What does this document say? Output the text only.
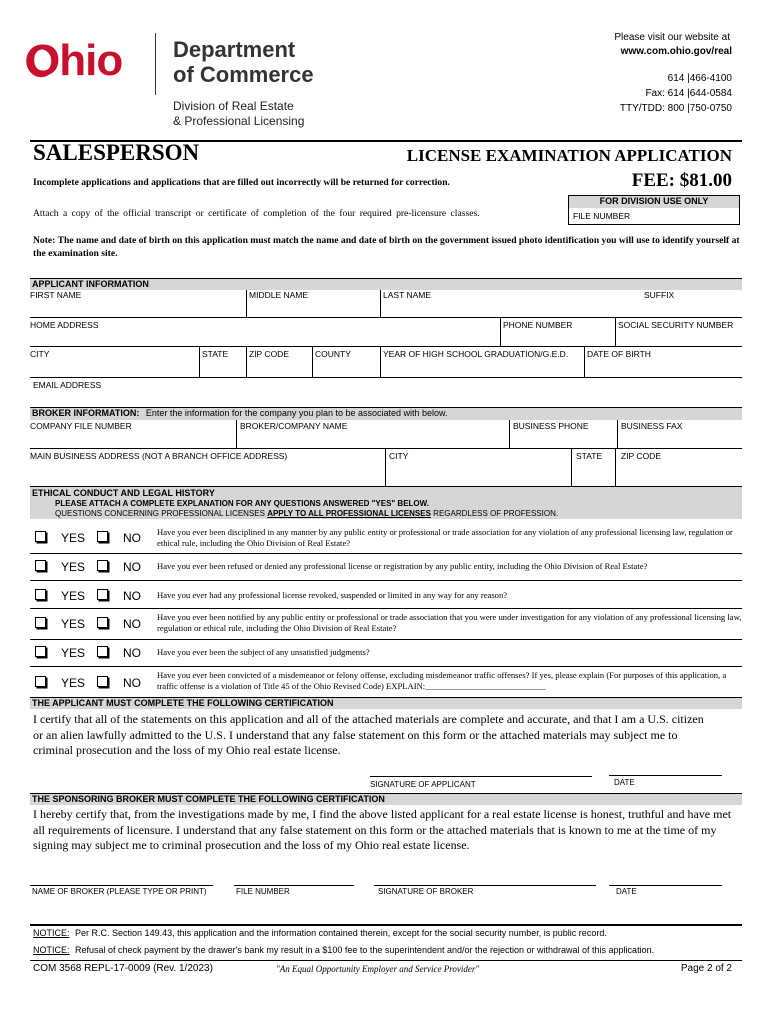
Ohio Department
of Commerce
Division of Real Estate
& Professional Licensing
Please visit our website at
www.com.ohio.gov/real
614 |466-4100
Fax: 614 |644-0584
TTY/TDD: 800 |750-0750
SALESPERSON	LICENSE EXAMINATION APPLICATION
FEE: $81.00
Incomplete applications and applications that are filled out incorrectly will be returned for correction.
Attach a copy of the official transcript or certificate of completion of the four required pre-licensure classes.
FOR DIVISION USE ONLY
FILE NUMBER
Note: The name and date of birth on this application must match the name and date of birth on the government issued photo identification you will use to identify yourself at the examination site.
APPLICANT INFORMATION
FIRST NAME	MIDDLE NAME	LAST NAME	SUFFIX
HOME ADDRESS	PHONE NUMBER	SOCIAL SECURITY NUMBER
CITY	STATE ZIP CODE	COUNTY	YEAR OF HIGH SCHOOL GRADUATION/G.E.D. DATE OF BIRTH
EMAIL ADDRESS
BROKER INFORMATION: Enter the information for the company you plan to be associated with below.
COMPANY FILE NUMBER	BROKER/COMPANY NAME	BUSINESS PHONE	BUSINESS FAX
MAIN BUSINESS ADDRESS (NOT A BRANCH OFFICE ADDRESS)	CITY	STATE ZIP CODE
ETHICAL CONDUCT AND LEGAL HISTORY
PLEASE ATTACH A COMPLETE EXPLANATION FOR ANY QUESTIONS ANSWERED "YES" BELOW.
QUESTIONS CONCERNING PROFESSIONAL LICENSES APPLY TO ALL PROFESSIONAL LICENSES REGARDLESS OF PROFESSION.
YES	NO Have you ever been disciplined in any manner by any public entity or professional or trade association for any violation of any professional licensing law, regulation or ethical rule, including the Ohio Division of Real Estate?
YES	NO Have you ever been refused or denied any professional license or registration by any public entity, including the Ohio Division of Real Estate?
YES	NO Have you ever had any professional license revoked, suspended or limited in any way for any reason?
YES	NO Have you ever been notified by any public entity or professional or trade association that you were under investigation for any violation of any professional licensing law, regulation or ethical rule, including the Ohio Division of Real Estate?
YES	NO Have you ever been the subject of any unsatisfied judgments?
YES	NO
Have you ever been convicted of a misdemeanor or felony offense, excluding misdemeanor traffic offenses? If yes, please explain (For purposes of this application, a traffic offense is a violation of Title 45 of the Ohio Revised Code) EXPLAIN:____________________________
THE APPLICANT MUST COMPLETE THE FOLLOWING CERTIFICATION
I certify that all of the statements on this application and all of the attached materials are complete and accurate, and that I am a U.S. citizen or an alien lawfully admitted to the U.S. I understand that any false statement on this form or the attached materials may subject me to criminal prosecution and the loss of my Ohio real estate license.
SIGNATURE OF APPLICANT	DATE
THE SPONSORING BROKER MUST COMPLETE THE FOLLOWING CERTIFICATION
I hereby certify that, from the investigations made by me, I find the above listed applicant for a real estate license is honest, truthful and have met all requirements of licensure. I understand that any false statement on this form or the attached materials that is known to me at the time of my signing may subject me to criminal prosecution and the loss of my Ohio real estate license.
NAME OF BROKER (PLEASE TYPE OR PRINT)	FILE NUMBER	SIGNATURE OF BROKER	DATE
NOTICE: Per R.C. Section 149.43, this application and the information contained therein, except for the social security number, is public record.
NOTICE: Refusal of check payment by the drawer's bank my result in a $100 fee to the superintendent and/or the rejection or withdrawal of this application.
COM 3568 REPL-17-0009 (Rev. 1/2023)	"An Equal Opportunity Employer and Service Provider"	Page 2 of 2
